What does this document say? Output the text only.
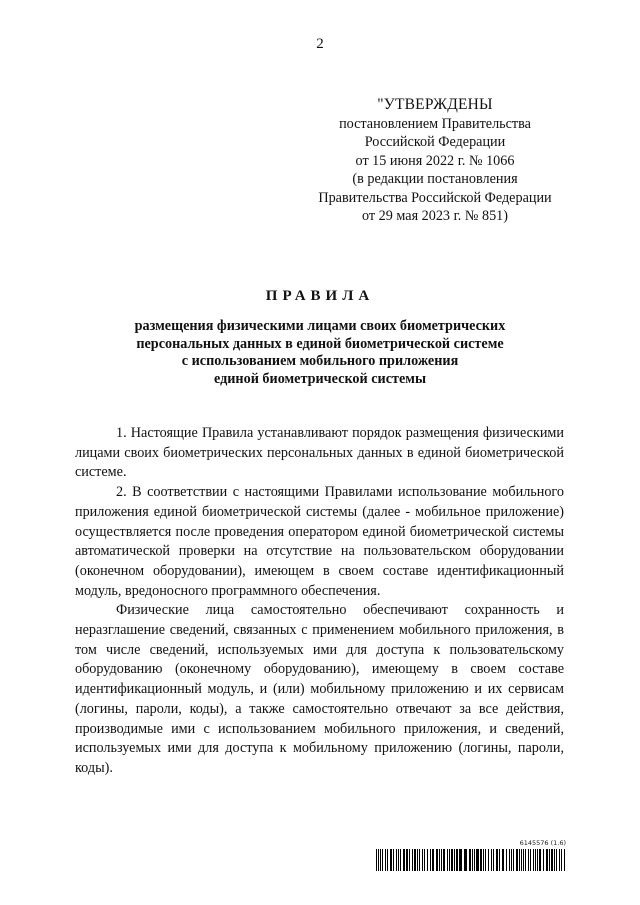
2
"УТВЕРЖДЕНЫ
постановлением Правительства
Российской Федерации
от 15 июня 2022 г. № 1066
(в редакции постановления
Правительства Российской Федерации
от 29 мая 2023 г. № 851)
ПРАВИЛА
размещения физическими лицами своих биометрических
персональных данных в единой биометрической системе
с использованием мобильного приложения
единой биометрической системы

1. Настоящие Правила устанавливают порядок размещения физическими лицами своих биометрических персональных данных в единой биометрической системе.

2. В соответствии с настоящими Правилами использование мобильного приложения единой биометрической системы (далее - мобильное приложение) осуществляется после проведения оператором единой биометрической системы автоматической проверки на отсутствие на пользовательском оборудовании (оконечном оборудовании), имеющем в своем составе идентификационный модуль, вредоносного программного обеспечения.

Физические лица самостоятельно обеспечивают сохранность и неразглашение сведений, связанных с применением мобильного приложения, в том числе сведений, используемых ими для доступа к пользовательскому оборудованию (оконечному оборудованию), имеющему в своем составе идентификационный модуль, и (или) мобильному приложению и их сервисам (логины, пароли, коды), а также самостоятельно отвечают за все действия, производимые ими с использованием мобильного приложения, и сведений, используемых ими для доступа к мобильному приложению (логины, пароли, коды).

6145576 (1.6)
